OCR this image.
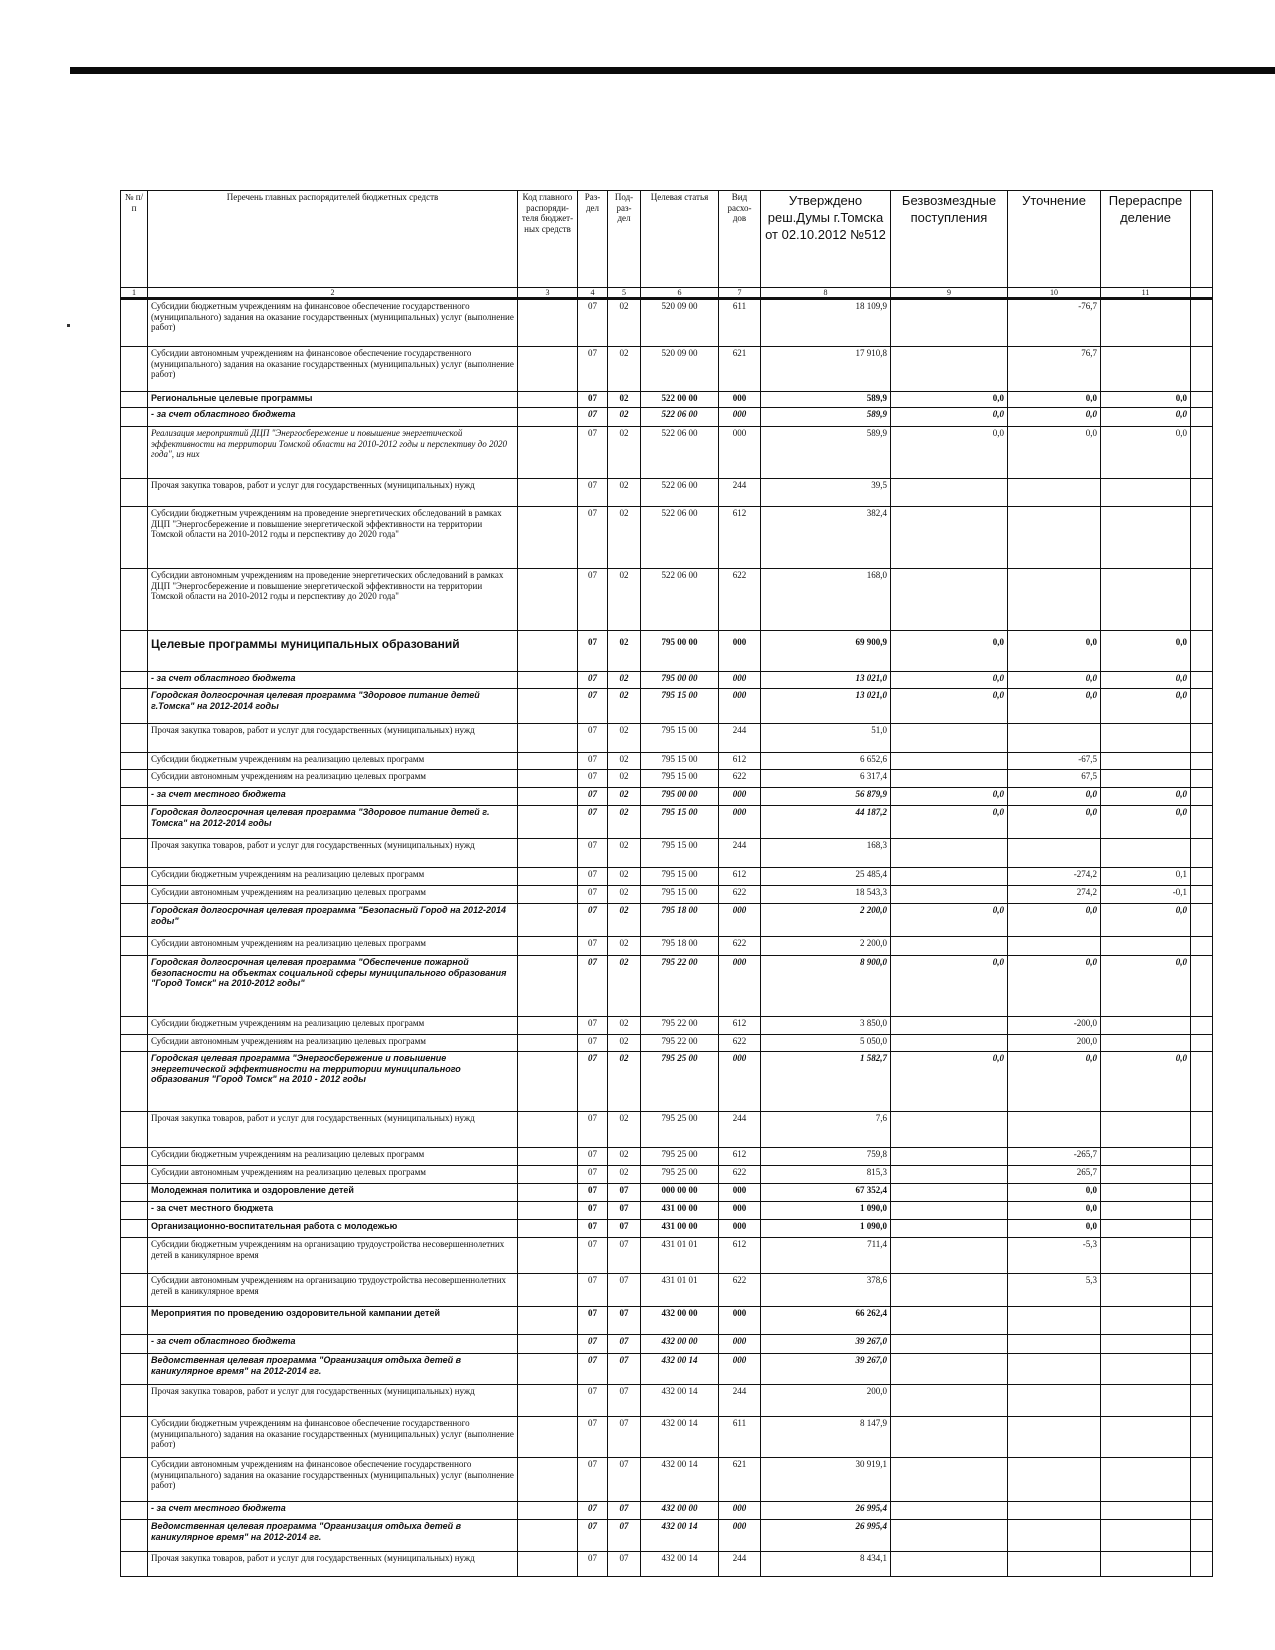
№ п/п	Перечень главных распорядителей бюджетных средств	Код главного распоряди-теля бюджет-ных средств	Раз-дел	Под-раз-дел	Целевая статья	Вид расхо-дов	Утверждено реш.Думы г.Томска от 02.10.2012 №512	Безвозмездные поступления	Уточнение	Перераспре деление	
1	2	3	4	5	6	7	8	9	10	11	
	Субсидии бюджетным учреждениям на финансовое обеспечение государственного (муниципального) задания на оказание государственных (муниципальных) услуг (выполнение работ)		07	02	520 09 00	611	18 109,9		-76,7		
	Субсидии автономным учреждениям на финансовое обеспечение государственного (муниципального) задания на оказание государственных (муниципальных) услуг (выполнение работ)		07	02	520 09 00	621	17 910,8		76,7		
	Региональные целевые программы		07	02	522 00 00	000	589,9	0,0	0,0	0,0	
	- за счет областного бюджета		07	02	522 06 00	000	589,9	0,0	0,0	0,0	
	Реализация мероприятий ДЦП "Энергосбережение и повышение энергетической эффективности на территории Томской области на 2010-2012 годы и перспективу до 2020 года", из них		07	02	522 06 00	000	589,9	0,0	0,0	0,0	
	Прочая закупка товаров, работ и услуг для государственных (муниципальных) нужд		07	02	522 06 00	244	39,5				
	Субсидии бюджетным учреждениям на проведение энергетических обследований в рамках ДЦП "Энергосбережение и повышение энергетической эффективности на территории Томской области на 2010-2012 годы и перспективу до 2020 года"		07	02	522 06 00	612	382,4				
	Субсидии автономным учреждениям на проведение энергетических обследований в рамках ДЦП "Энергосбережение и повышение энергетической эффективности на территории Томской области на 2010-2012 годы и перспективу до 2020 года"		07	02	522 06 00	622	168,0				
	Целевые программы муниципальных образований		07	02	795 00 00	000	69 900,9	0,0	0,0	0,0	
	- за счет областного бюджета		07	02	795 00 00	000	13 021,0	0,0	0,0	0,0	
	Городская долгосрочная целевая программа "Здоровое питание детей г.Томска" на 2012-2014 годы		07	02	795 15 00	000	13 021,0	0,0	0,0	0,0	
	Прочая закупка товаров, работ и услуг для государственных (муниципальных) нужд		07	02	795 15 00	244	51,0				
	Субсидии бюджетным учреждениям на реализацию целевых программ		07	02	795 15 00	612	6 652,6		-67,5		
	Субсидии автономным учреждениям на реализацию целевых программ		07	02	795 15 00	622	6 317,4		67,5		
	- за счет местного бюджета		07	02	795 00 00	000	56 879,9	0,0	0,0	0,0	
	Городская долгосрочная целевая программа "Здоровое питание детей г. Томска" на 2012-2014 годы		07	02	795 15 00	000	44 187,2	0,0	0,0	0,0	
	Прочая закупка товаров, работ и услуг для государственных (муниципальных) нужд		07	02	795 15 00	244	168,3				
	Субсидии бюджетным учреждениям на реализацию целевых программ		07	02	795 15 00	612	25 485,4		-274,2	0,1	
	Субсидии автономным учреждениям на реализацию целевых программ		07	02	795 15 00	622	18 543,3		274,2	-0,1	
	Городская долгосрочная целевая программа "Безопасный Город на 2012-2014 годы"		07	02	795 18 00	000	2 200,0	0,0	0,0	0,0	
	Субсидии автономным учреждениям на реализацию целевых программ		07	02	795 18 00	622	2 200,0				
	Городская долгосрочная целевая программа "Обеспечение пожарной безопасности на объектах социальной сферы муниципального образования "Город Томск" на 2010-2012 годы"		07	02	795 22 00	000	8 900,0	0,0	0,0	0,0	
	Субсидии бюджетным учреждениям на реализацию целевых программ		07	02	795 22 00	612	3 850,0		-200,0		
	Субсидии автономным учреждениям на реализацию целевых программ		07	02	795 22 00	622	5 050,0		200,0		
	Городская целевая программа "Энергосбережение и повышение энергетической эффективности на территории муниципального образования "Город Томск" на 2010 - 2012 годы		07	02	795 25 00	000	1 582,7	0,0	0,0	0,0	
	Прочая закупка товаров, работ и услуг для государственных (муниципальных) нужд		07	02	795 25 00	244	7,6				
	Субсидии бюджетным учреждениям на реализацию целевых программ		07	02	795 25 00	612	759,8		-265,7		
	Субсидии автономным учреждениям на реализацию целевых программ		07	02	795 25 00	622	815,3		265,7		
	Молодежная политика и оздоровление детей		07	07	000 00 00	000	67 352,4		0,0		
	- за счет местного бюджета		07	07	431 00 00	000	1 090,0		0,0		
	Организационно-воспитательная работа с молодежью		07	07	431 00 00	000	1 090,0		0,0		
	Субсидии бюджетным учреждениям на организацию трудоустройства несовершеннолетних детей в каникулярное время		07	07	431 01 01	612	711,4		-5,3		
	Субсидии автономным учреждениям на организацию трудоустройства несовершеннолетних детей в каникулярное время		07	07	431 01 01	622	378,6		5,3		
	Мероприятия по проведению оздоровительной кампании детей		07	07	432 00 00	000	66 262,4				
	- за счет областного бюджета		07	07	432 00 00	000	39 267,0				
	Ведомственная целевая программа "Организация отдыха детей в каникулярное время" на 2012-2014 гг.		07	07	432 00 14	000	39 267,0				
	Прочая закупка товаров, работ и услуг для государственных (муниципальных) нужд		07	07	432 00 14	244	200,0				
	Субсидии бюджетным учреждениям на финансовое обеспечение государственного (муниципального) задания на оказание государственных (муниципальных) услуг (выполнение работ)		07	07	432 00 14	611	8 147,9				
	Субсидии автономным учреждениям на финансовое обеспечение государственного (муниципального) задания на оказание государственных (муниципальных) услуг (выполнение работ)		07	07	432 00 14	621	30 919,1				
	- за счет местного бюджета		07	07	432 00 00	000	26 995,4				
	Ведомственная целевая программа "Организация отдыха детей в каникулярное время" на 2012-2014 гг.		07	07	432 00 14	000	26 995,4				
	Прочая закупка товаров, работ и услуг для государственных (муниципальных) нужд		07	07	432 00 14	244	8 434,1				
